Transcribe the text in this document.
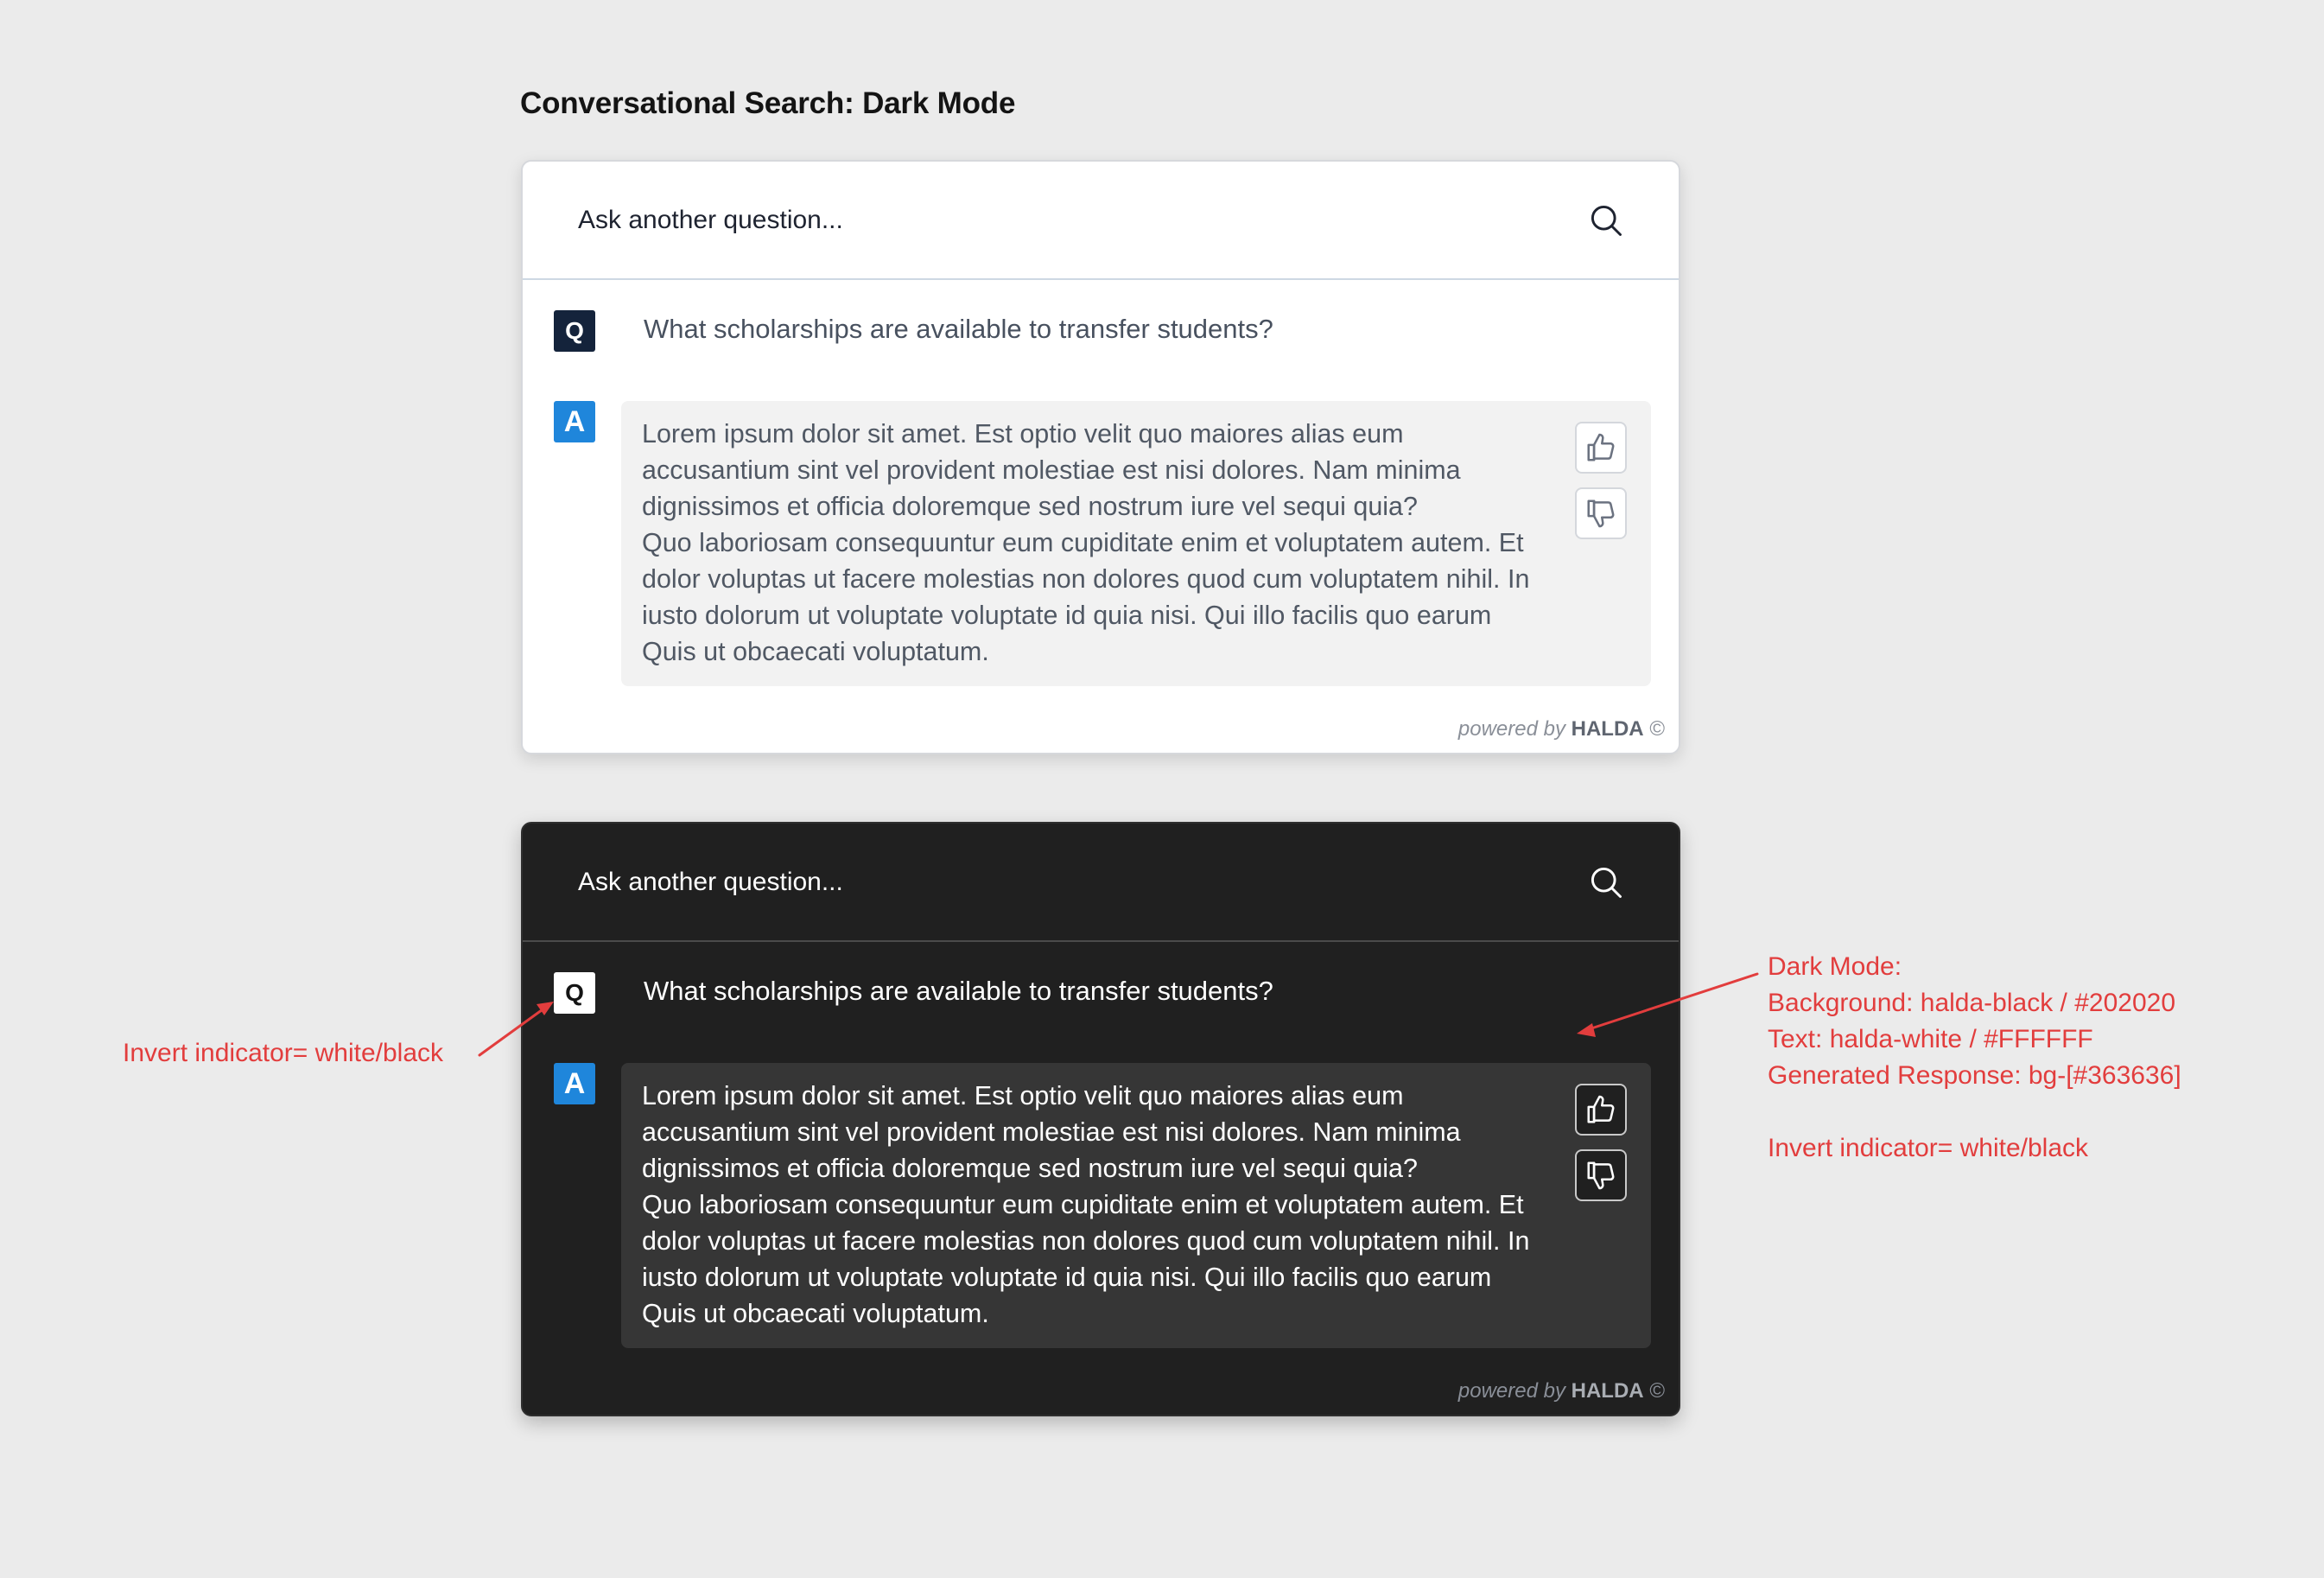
Conversational Search: Dark Mode
Ask another question...
Q	What scholarships are available to transfer students?
A	Lorem ipsum dolor sit amet. Est optio velit quo maiores alias eum accusantium sint vel provident molestiae est nisi dolores. Nam minima dignissimos et officia doloremque sed nostrum iure vel sequi quia?

Quo laboriosam consequuntur eum cupiditate enim et voluptatem autem. Et dolor voluptas ut facere molestias non dolores quod cum voluptatem nihil. In iusto dolorum ut voluptate voluptate id quia nisi. Qui illo facilis quo earum Quis ut obcaecati voluptatum.

powered by HALDA ©
Ask another question...
Q	What scholarships are available to transfer students?
A	Lorem ipsum dolor sit amet. Est optio velit quo maiores alias eum accusantium sint vel provident molestiae est nisi dolores. Nam minima dignissimos et officia doloremque sed nostrum iure vel sequi quia?

Quo laboriosam consequuntur eum cupiditate enim et voluptatem autem. Et dolor voluptas ut facere molestias non dolores quod cum voluptatem nihil. In iusto dolorum ut voluptate voluptate id quia nisi. Qui illo facilis quo earum Quis ut obcaecati voluptatum.

powered by HALDA ©
Invert indicator= white/black
Dark Mode:
Background: halda-black / #202020
Text: halda-white / #FFFFFF
Generated Response: bg-[#363636]
Invert indicator= white/black
